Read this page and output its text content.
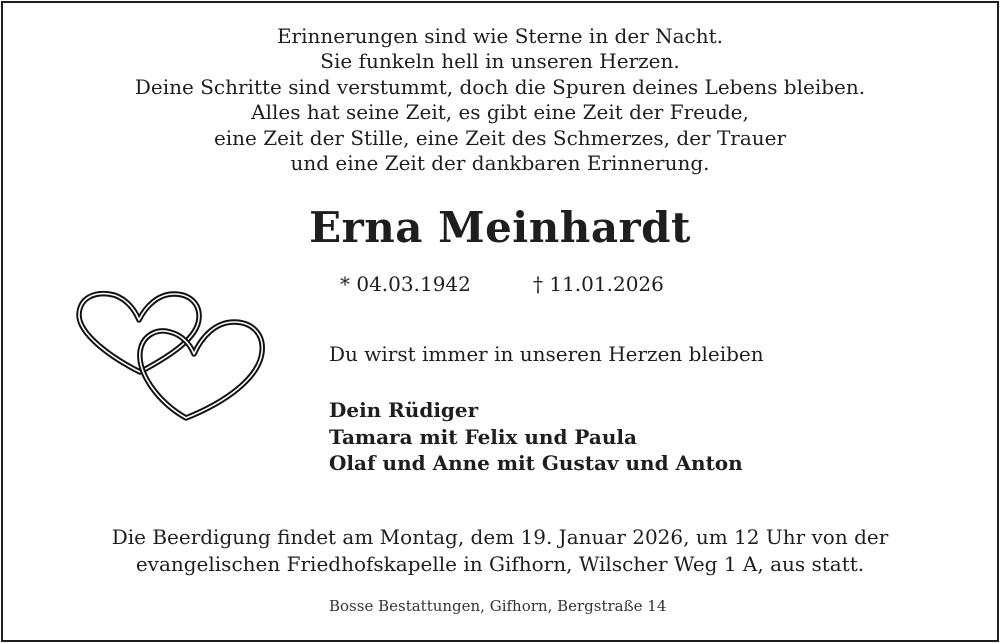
Erinnerungen sind wie Sterne in der Nacht.
Sie funkeln hell in unseren Herzen.
Deine Schritte sind verstummt, doch die Spuren deines Lebens bleiben.
Alles hat seine Zeit, es gibt eine Zeit der Freude,
eine Zeit der Stille, eine Zeit des Schmerzes, der Trauer
und eine Zeit der dankbaren Erinnerung.
Erna Meinhardt
* 04.03.1942	† 11.01.2026
Du wirst immer in unseren Herzen bleiben
Dein Rüdiger
Tamara mit Felix und Paula
Olaf und Anne mit Gustav und Anton
Die Beerdigung findet am Montag, dem 19. Januar 2026, um 12 Uhr von der
evangelischen Friedhofskapelle in Gifhorn, Wilscher Weg 1 A, aus statt.
Bosse Bestattungen, Gifhorn, Bergstraße 14
